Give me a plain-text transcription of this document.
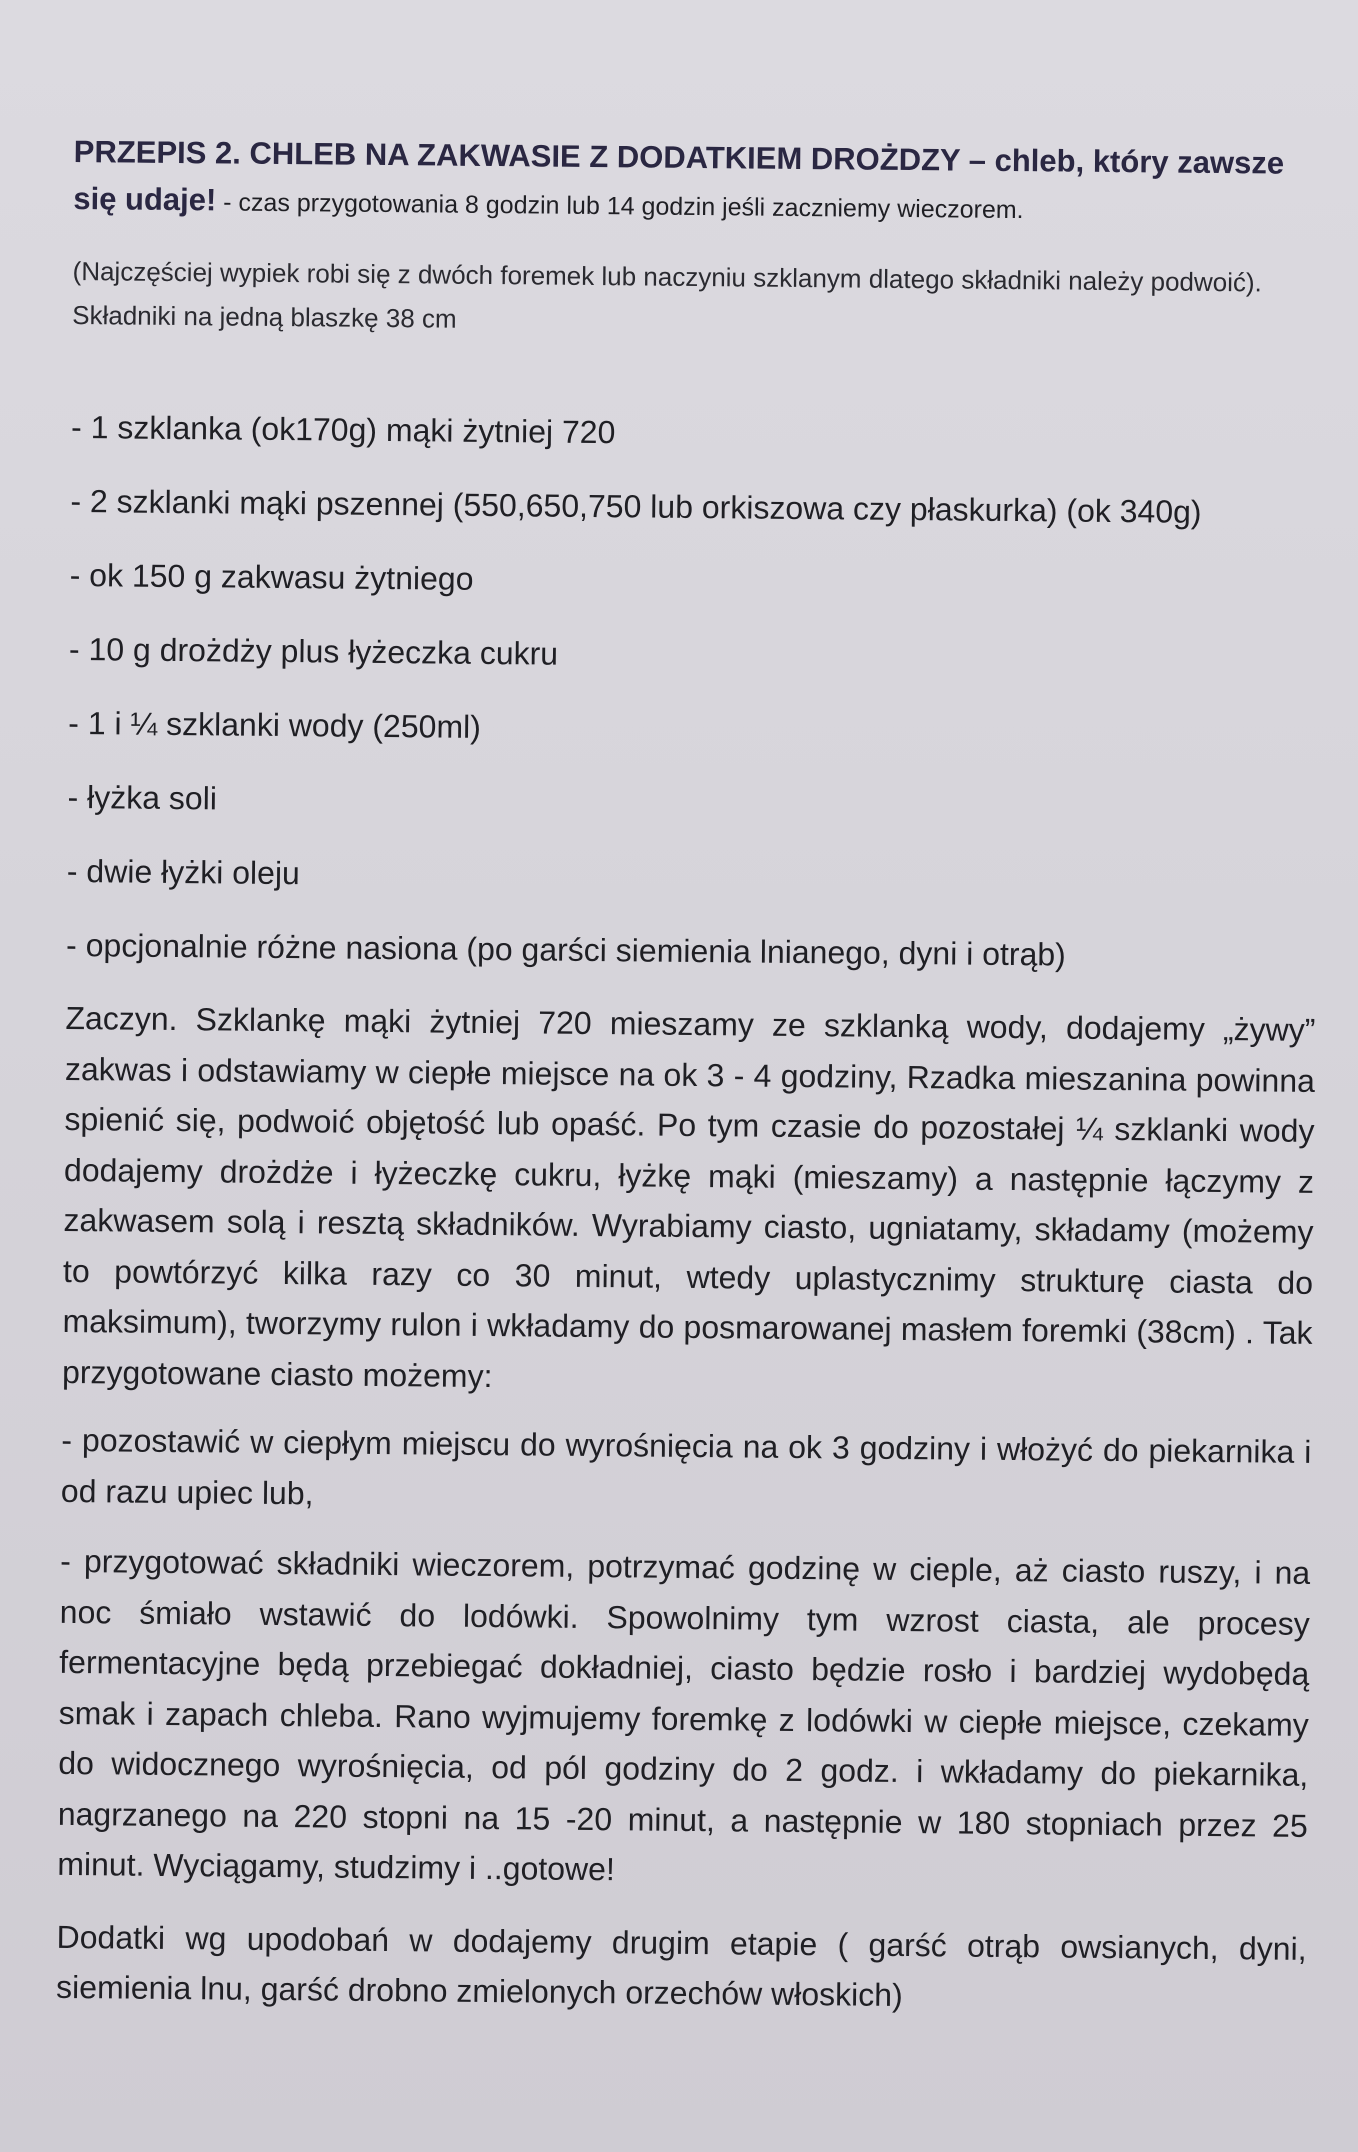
PRZEPIS 2. CHLEB NA ZAKWASIE Z DODATKIEM DROŻDZY – chleb, który zawsze się udaje! - czas przygotowania 8 godzin lub 14 godzin jeśli zaczniemy wieczorem.

(Najczęściej wypiek robi się z dwóch foremek lub naczyniu szklanym dlatego składniki należy podwoić). Składniki na jedną blaszkę 38 cm

- 1 szklanka (ok170g) mąki żytniej 720
- 2 szklanki mąki pszennej (550,650,750 lub orkiszowa czy płaskurka) (ok 340g)
- ok 150 g zakwasu żytniego
- 10 g drożdży plus łyżeczka cukru
- 1 i ¼ szklanki wody (250ml)
- łyżka soli
- dwie łyżki oleju
- opcjonalnie różne nasiona (po garści siemienia lnianego, dyni i otrąb)

Zaczyn. Szklankę mąki żytniej 720 mieszamy ze szklanką wody, dodajemy „żywy” zakwas i odstawiamy w ciepłe miejsce na ok 3 - 4 godziny, Rzadka mieszanina powinna spienić się, podwoić objętość lub opaść. Po tym czasie do pozostałej ¼ szklanki wody dodajemy drożdże i łyżeczkę cukru, łyżkę mąki (mieszamy) a następnie łączymy z zakwasem solą i resztą składników. Wyrabiamy ciasto, ugniatamy, składamy (możemy to powtórzyć kilka razy co 30 minut, wtedy uplastycznimy strukturę ciasta do maksimum), tworzymy rulon i wkładamy do posmarowanej masłem foremki (38cm) . Tak przygotowane ciasto możemy:

- pozostawić w ciepłym miejscu do wyrośnięcia na ok 3 godziny i włożyć do piekarnika i od razu upiec lub,

- przygotować składniki wieczorem, potrzymać godzinę w cieple, aż ciasto ruszy, i na noc śmiało wstawić do lodówki. Spowolnimy tym wzrost ciasta, ale procesy fermentacyjne będą przebiegać dokładniej, ciasto będzie rosło i bardziej wydobędą smak i zapach chleba. Rano wyjmujemy foremkę z lodówki w ciepłe miejsce, czekamy do widocznego wyrośnięcia, od pól godziny do 2 godz. i wkładamy do piekarnika, nagrzanego na 220 stopni na 15 -20 minut, a następnie w 180 stopniach przez 25 minut. Wyciągamy, studzimy i ..gotowe!

Dodatki wg upodobań w dodajemy drugim etapie ( garść otrąb owsianych, dyni, siemienia lnu, garść drobno zmielonych orzechów włoskich)
